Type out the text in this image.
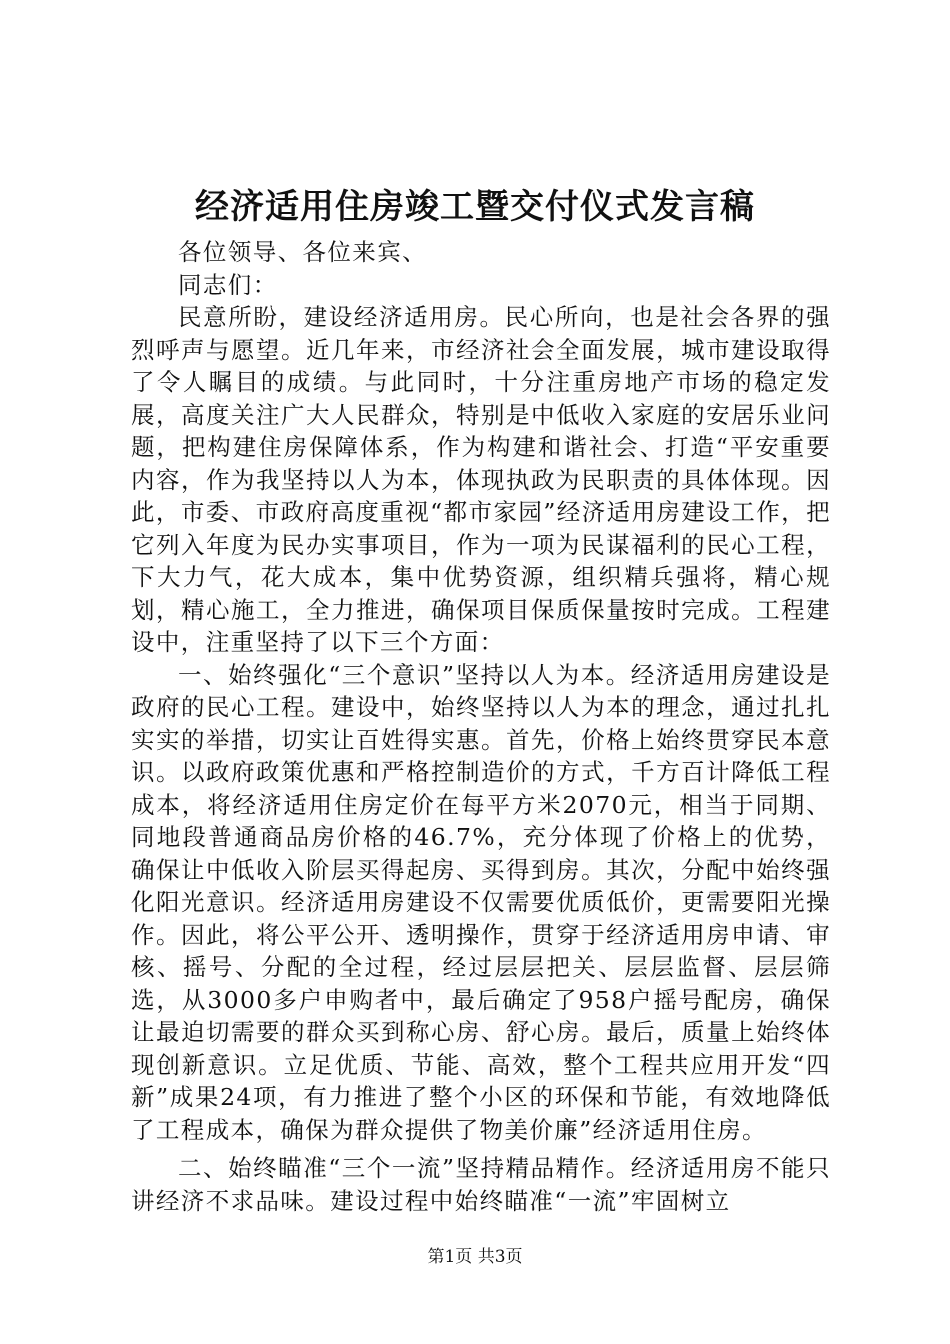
经济适用住房竣工暨交付仪式发言稿

各位领导、各位来宾、

同志们：

民意所盼，建设经济适用房。民心所向，也是社会各界的强烈呼声与愿望。近几年来，市经济社会全面发展，城市建设取得了令人瞩目的成绩。与此同时，十分注重房地产市场的稳定发展，高度关注广大人民群众，特别是中低收入家庭的安居乐业问题，把构建住房保障体系，作为构建和谐社会、打造“平安重要内容，作为我坚持以人为本，体现执政为民职责的具体体现。因此，市委、市政府高度重视“都市家园”经济适用房建设工作，把它列入年度为民办实事项目，作为一项为民谋福利的民心工程，下大力气，花大成本，集中优势资源，组织精兵强将，精心规划，精心施工，全力推进，确保项目保质保量按时完成。工程建设中，注重坚持了以下三个方面：

一、始终强化“三个意识”坚持以人为本。经济适用房建设是政府的民心工程。建设中，始终坚持以人为本的理念，通过扎扎实实的举措，切实让百姓得实惠。首先，价格上始终贯穿民本意识。以政府政策优惠和严格控制造价的方式，千方百计降低工程成本，将经济适用住房定价在每平方米2070元，相当于同期、同地段普通商品房价格的46.7%，充分体现了价格上的优势，确保让中低收入阶层买得起房、买得到房。其次，分配中始终强化阳光意识。经济适用房建设不仅需要优质低价，更需要阳光操作。因此，将公平公开、透明操作，贯穿于经济适用房申请、审核、摇号、分配的全过程，经过层层把关、层层监督、层层筛选，从3000多户申购者中，最后确定了958户摇号配房，确保让最迫切需要的群众买到称心房、舒心房。最后，质量上始终体现创新意识。立足优质、节能、高效，整个工程共应用开发“四新”成果24项，有力推进了整个小区的环保和节能，有效地降低了工程成本，确保为群众提供了物美价廉”经济适用住房。

二、始终瞄准“三个一流”坚持精品精作。经济适用房不能只讲经济不求品味。建设过程中始终瞄准“一流”牢固树立

第1页 共3页
